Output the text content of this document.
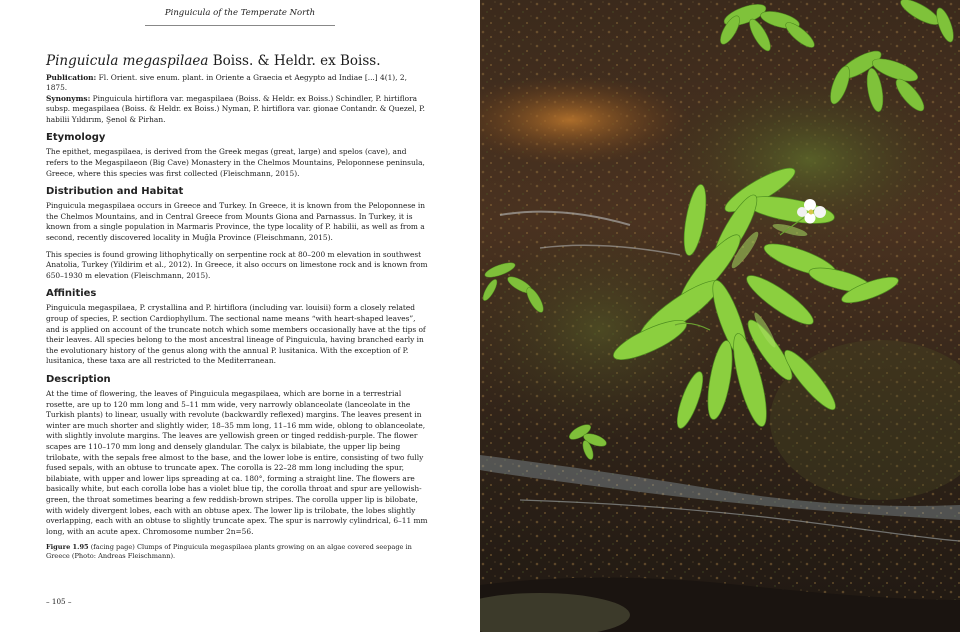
Pinguicula of the Temperate North
Pinguicula megaspilaea Boiss. & Heldr. ex Boiss.

Publication: Fl. Orient. sive enum. plant. in Oriente a Graecia et Aegypto ad Indiae [...] 4(1), 2, 1875.

Synonyms: Pinguicula hirtiflora var. megaspilaea (Boiss. & Heldr. ex Boiss.) Schindler, P. hirtiflora subsp. megaspilaea (Boiss. & Heldr. ex Boiss.) Nyman, P. hirtiflora var. gionae Contandr. & Quezel, P. habilii Yıldırım, Şenol & Pirhan.

Etymology

The epithet, megaspilaea, is derived from the Greek megas (great, large) and spelos (cave), and refers to the Megaspilaeon (Big Cave) Monastery in the Chelmos Mountains, Peloponnese peninsula, Greece, where this species was first collected (Fleischmann, 2015).

Distribution and Habitat

Pinguicula megaspilaea occurs in Greece and Turkey. In Greece, it is known from the Peloponnese in the Chelmos Mountains, and in Central Greece from Mounts Giona and Parnassus. In Turkey, it is known from a single population in Marmaris Province, the type locality of P. habilii, as well as from a second, recently discovered locality in Muğla Province (Fleischmann, 2015).

This species is found growing lithophytically on serpentine rock at 80–200 m elevation in southwest Anatolia, Turkey (Yildirim et al., 2012). In Greece, it also occurs on limestone rock and is known from 650–1930 m elevation (Fleischmann, 2015).

Affinities

Pinguicula megaspilaea, P. crystallina and P. hirtiflora (including var. louisii) form a closely related group of species, P. section Cardiophyllum. The sectional name means “with heart-shaped leaves”, and is applied on account of the truncate notch which some members occasionally have at the tips of their leaves. All species belong to the most ancestral lineage of Pinguicula, having branched early in the evolutionary history of the genus along with the annual P. lusitanica. With the exception of P. lusitanica, these taxa are all restricted to the Mediterranean.

Description

At the time of flowering, the leaves of Pinguicula megaspilaea, which are borne in a terrestrial rosette, are up to 120 mm long and 5–11 mm wide, very narrowly oblanceolate (lanceolate in the Turkish plants) to linear, usually with revolute (backwardly reflexed) margins. The leaves present in winter are much shorter and slightly wider, 18–35 mm long, 11–16 mm wide, oblong to oblanceolate, with slightly involute margins. The leaves are yellowish green or tinged reddish-purple. The flower scapes are 110–170 mm long and densely glandular. The calyx is bilabiate, the upper lip being trilobate, with the sepals free almost to the base, and the lower lobe is entire, consisting of two fully fused sepals, with an obtuse to truncate apex. The corolla is 22–28 mm long including the spur, bilabiate, with upper and lower lips spreading at ca. 180°, forming a straight line. The flowers are basically white, but each corolla lobe has a violet blue tip, the corolla throat and spur are yellowish-green, the throat sometimes bearing a few reddish-brown stripes. The corolla upper lip is bilobate, with widely divergent lobes, each with an obtuse apex. The lower lip is trilobate, the lobes slightly overlapping, each with an obtuse to slightly truncate apex. The spur is narrowly cylindrical, 6–11 mm long, with an acute apex. Chromosome number 2n=56.

Figure 1.95 (facing page) Clumps of Pinguicula megaspilaea plants growing on an algae covered seepage in Greece (Photo: Andreas Fleischmann).

– 105 –
